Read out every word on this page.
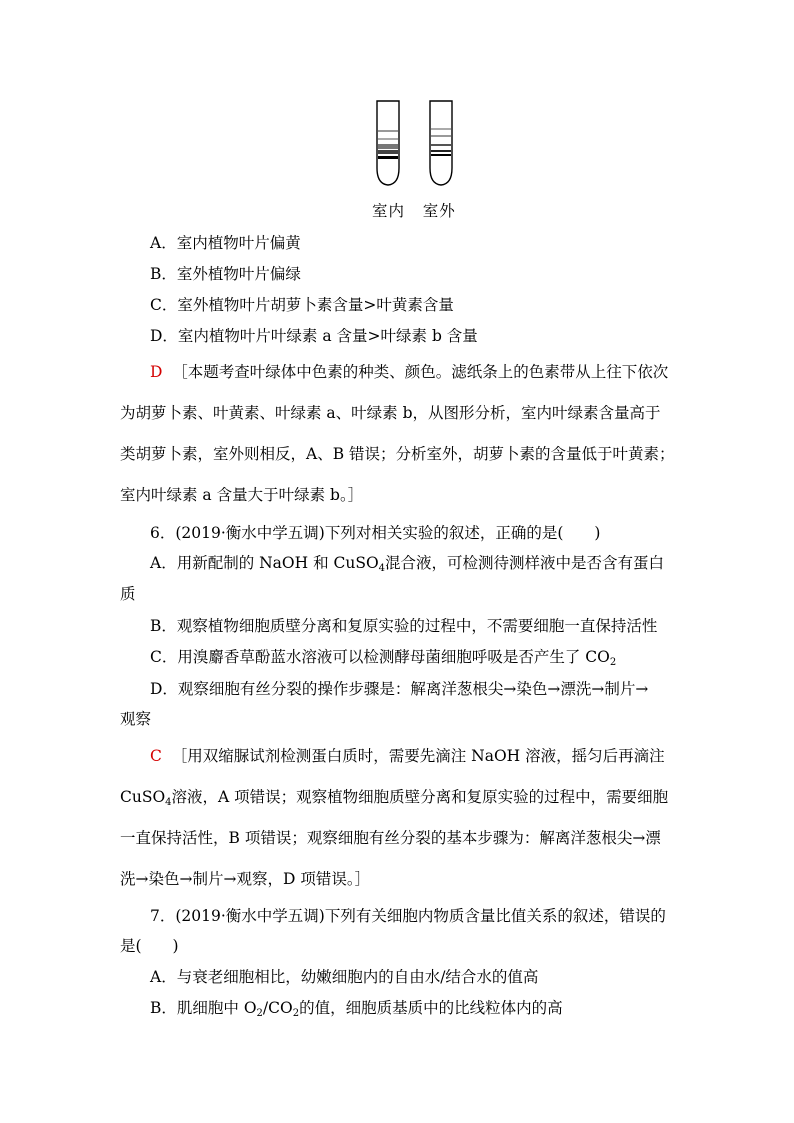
室内 室外
A．室内植物叶片偏黄
B．室外植物叶片偏绿
C．室外植物叶片胡萝卜素含量>叶黄素含量
D．室内植物叶片叶绿素 a 含量>叶绿素 b 含量
D ［本题考查叶绿体中色素的种类、颜色。滤纸条上的色素带从上往下依次
为胡萝卜素、叶黄素、叶绿素 a、叶绿素 b，从图形分析，室内叶绿素含量高于
类胡萝卜素，室外则相反，A、B 错误；分析室外，胡萝卜素的含量低于叶黄素；
室内叶绿素 a 含量大于叶绿素 b。］
6．(2019·衡水中学五调)下列对相关实验的叙述，正确的是(　　)
A．用新配制的 NaOH 和 CuSO$_4$混合液，可检测待测样液中是否含有蛋白
质
B．观察植物细胞质壁分离和复原实验的过程中，不需要细胞一直保持活性
C．用溴麝香草酚蓝水溶液可以检测酵母菌细胞呼吸是否产生了 $CO_2$
D．观察细胞有丝分裂的操作步骤是：解离洋葱根尖→染色→漂洗→制片→
观察
C ［用双缩脲试剂检测蛋白质时，需要先滴注 NaOH 溶液，摇匀后再滴注
CuSO$_4$溶液，A 项错误；观察植物细胞质壁分离和复原实验的过程中，需要细胞
一直保持活性，B 项错误；观察细胞有丝分裂的基本步骤为：解离洋葱根尖→漂
洗→染色→制片→观察，D 项错误。］
7．(2019·衡水中学五调)下列有关细胞内物质含量比值关系的叙述，错误的
是(　　)
A．与衰老细胞相比，幼嫩细胞内的自由水/结合水的值高
B．肌细胞中 $O_2/CO_2$的值，细胞质基质中的比线粒体内的高
